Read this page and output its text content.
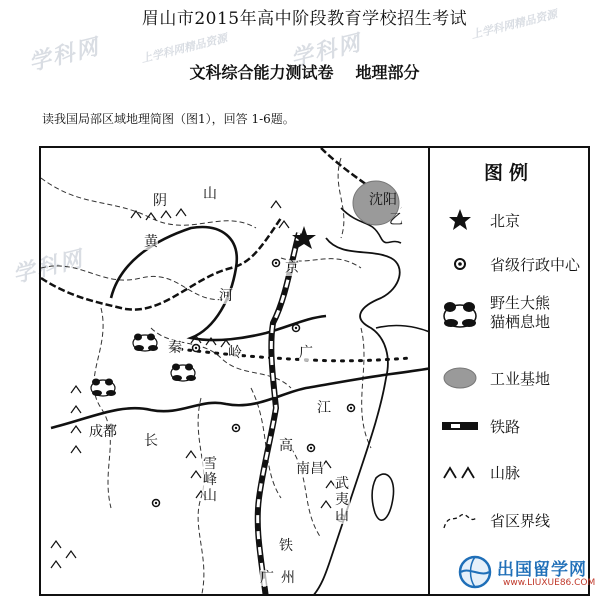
学科网	学科网
学科网
上学科网精品资源
上学科网精品资源
眉山市2015年高中阶段教育学校招生考试
文科综合能力测试卷 地理部分
读我国局部区域地理简图（图1），回答 1-6题。
阴	山
黄
河
京
秦	岭	广
江
成都
长	高
雪
峰
山
南昌
武
夷
山
铁
广 州
沈阳
乙
图例
北京
省级行政中心
野生大熊
猫栖息地
工业基地
铁路
山脉
省区界线
出国留学网
www.LIUXUE86.COM
